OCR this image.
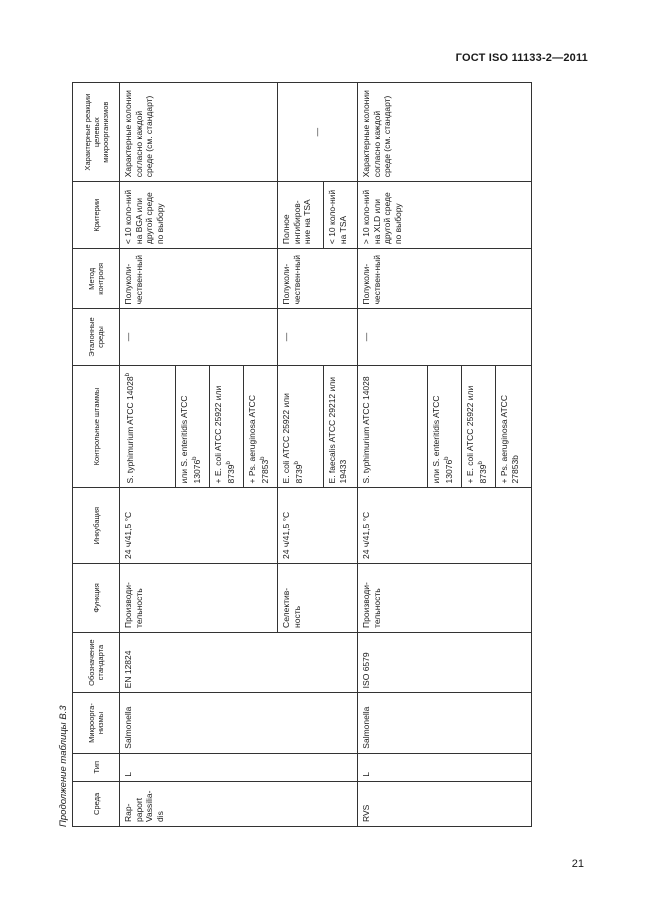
ГОСТ ISO 11133-2—2011
Продолжение таблицы В.3	Среда	Тип	Микроорга-низмы	Обозначение стандарта	Функция	Инкубация	Контрольные штаммы	Эталонные среды	Метод контроля	Критерии	Характерные реакции целевых микроорганизмов
Rap-paport Vassilia-dis	L	Salmonella	EN 12824	Производи-тельность	24 ч/41,5 °C	S. typhimurium ATCC 14028$^b$	—	Полуколи-чествен-ный	< 10 коло-ний на BGA или другой среде по выбору	Характерные колонии согласно каждой среде (см. стандарт)
						или S. enteritidis ATCC 13076$^b$
						+ E. coli ATCC 25922 или 8739$^b$
						+ Ps. aeruginosa ATCC 27853$^b$
				Селектив-ность	24 ч/41,5 °C	E. coli ATCC 25922 или 8739$^b$	—	Полуколи-чествен-ный	Полное ингибиров-ние на TSA	—
						E. faecalis ATCC 29212 или 19433			< 10 коло-ний на TSA	
RVS	L	Salmonella	ISO 6579	Производи-тельность	24 ч/41,5 °C	S. typhimurium ATCC 14028	—	Полуколи-чествен-ный	> 10 коло-ний на XLD или другой среде по выбору	Характерные колонии согласно каждой среде (см. стандарт)
						или S. enteritidis ATCC 13076$^b$
						+ E. coli ATCC 25922 или 8739$^b$
						+ Ps. aeruginosa ATCC 27853b				
21
